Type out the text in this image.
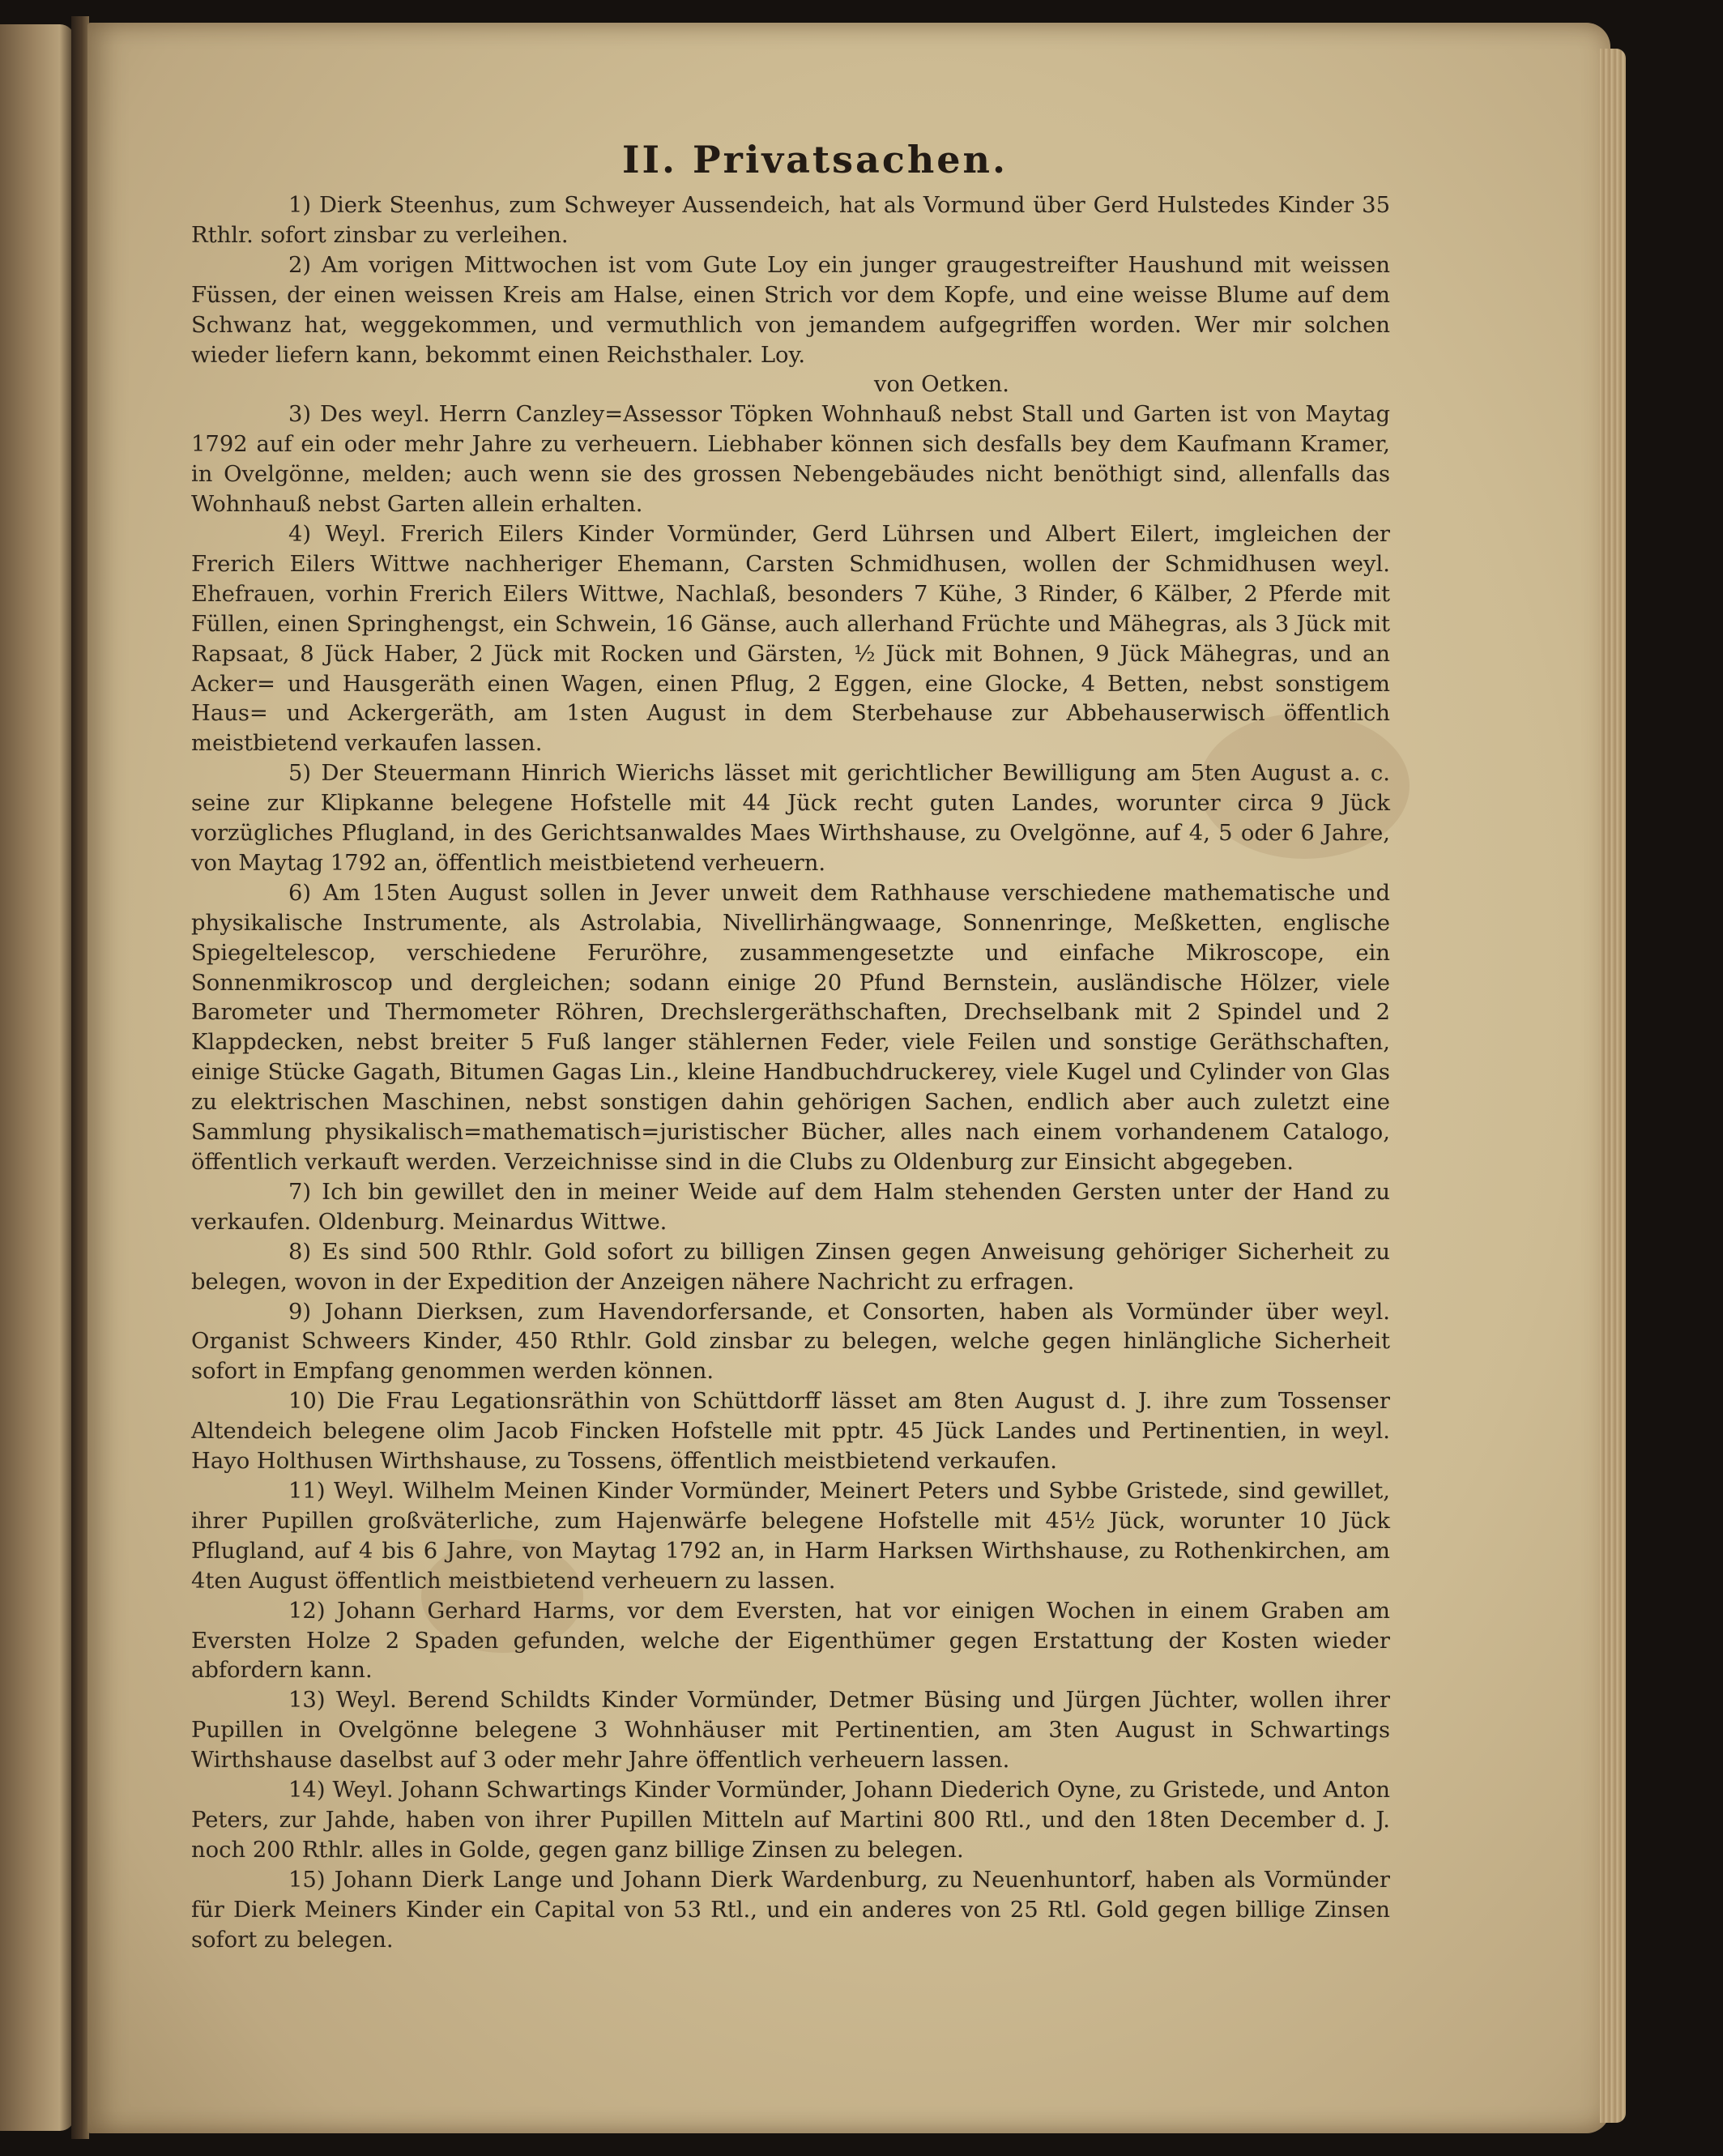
II. Privatsachen.
1) Dierk Steenhus, zum Schweyer Aussendeich, hat als Vormund über Gerd Hulstedes Kinder 35 Rthlr. sofort zinsbar zu verleihen.
2) Am vorigen Mittwochen ist vom Gute Loy ein junger graugestreifter Haushund mit weissen Füssen, der einen weissen Kreis am Halse, einen Strich vor dem Kopfe, und eine weisse Blume auf dem Schwanz hat, weggekommen, und vermuthlich von jemandem aufgegriffen worden. Wer mir solchen wieder liefern kann, bekommt einen Reichsthaler. Loy.
von Oetken.
3) Des weyl. Herrn Canzley=Assessor Töpken Wohnhauß nebst Stall und Garten ist von Maytag 1792 auf ein oder mehr Jahre zu verheuern. Liebhaber können sich desfalls bey dem Kaufmann Kramer, in Ovelgönne, melden; auch wenn sie des grossen Nebengebäudes nicht benöthigt sind, allenfalls das Wohnhauß nebst Garten allein erhalten.
4) Weyl. Frerich Eilers Kinder Vormünder, Gerd Lührsen und Albert Eilert, imgleichen der Frerich Eilers Wittwe nachheriger Ehemann, Carsten Schmidhusen, wollen der Schmidhusen weyl. Ehefrauen, vorhin Frerich Eilers Wittwe, Nachlaß, besonders 7 Kühe, 3 Rinder, 6 Kälber, 2 Pferde mit Füllen, einen Springhengst, ein Schwein, 16 Gänse, auch allerhand Früchte und Mähegras, als 3 Jück mit Rapsaat, 8 Jück Haber, 2 Jück mit Rocken und Gärsten, ½ Jück mit Bohnen, 9 Jück Mähegras, und an Acker= und Hausgeräth einen Wagen, einen Pflug, 2 Eggen, eine Glocke, 4 Betten, nebst sonstigem Haus= und Ackergeräth, am 1sten August in dem Sterbehause zur Abbehauserwisch öffentlich meistbietend verkaufen lassen.
5) Der Steuermann Hinrich Wierichs lässet mit gerichtlicher Bewilligung am 5ten August a. c. seine zur Klipkanne belegene Hofstelle mit 44 Jück recht guten Landes, worunter circa 9 Jück vorzügliches Pflugland, in des Gerichtsanwaldes Maes Wirthshause, zu Ovelgönne, auf 4, 5 oder 6 Jahre, von Maytag 1792 an, öffentlich meistbietend verheuern.
6) Am 15ten August sollen in Jever unweit dem Rathhause verschiedene mathematische und physikalische Instrumente, als Astrolabia, Nivellirhängwaage, Sonnenringe, Meßketten, englische Spiegeltelescop, verschiedene Feruröhre, zusammengesetzte und einfache Mikroscope, ein Sonnenmikroscop und dergleichen; sodann einige 20 Pfund Bernstein, ausländische Hölzer, viele Barometer und Thermometer Röhren, Drechslergeräthschaften, Drechselbank mit 2 Spindel und 2 Klappdecken, nebst breiter 5 Fuß langer stählernen Feder, viele Feilen und sonstige Geräthschaften, einige Stücke Gagath, Bitumen Gagas Lin., kleine Handbuchdruckerey, viele Kugel und Cylinder von Glas zu elektrischen Maschinen, nebst sonstigen dahin gehörigen Sachen, endlich aber auch zuletzt eine Sammlung physikalisch=mathematisch=juristischer Bücher, alles nach einem vorhandenem Catalogo, öffentlich verkauft werden. Verzeichnisse sind in die Clubs zu Oldenburg zur Einsicht abgegeben.
7) Ich bin gewillet den in meiner Weide auf dem Halm stehenden Gersten unter der Hand zu verkaufen. Oldenburg. Meinardus Wittwe.
8) Es sind 500 Rthlr. Gold sofort zu billigen Zinsen gegen Anweisung gehöriger Sicherheit zu belegen, wovon in der Expedition der Anzeigen nähere Nachricht zu erfragen.
9) Johann Dierksen, zum Havendorfersande, et Consorten, haben als Vormünder über weyl. Organist Schweers Kinder, 450 Rthlr. Gold zinsbar zu belegen, welche gegen hinlängliche Sicherheit sofort in Empfang genommen werden können.
10) Die Frau Legationsräthin von Schüttdorff lässet am 8ten August d. J. ihre zum Tossenser Altendeich belegene olim Jacob Fincken Hofstelle mit pptr. 45 Jück Landes und Pertinentien, in weyl. Hayo Holthusen Wirthshause, zu Tossens, öffentlich meistbietend verkaufen.
11) Weyl. Wilhelm Meinen Kinder Vormünder, Meinert Peters und Sybbe Gristede, sind gewillet, ihrer Pupillen großväterliche, zum Hajenwärfe belegene Hofstelle mit 45½ Jück, worunter 10 Jück Pflugland, auf 4 bis 6 Jahre, von Maytag 1792 an, in Harm Harksen Wirthshause, zu Rothenkirchen, am 4ten August öffentlich meistbietend verheuern zu lassen.
12) Johann Gerhard Harms, vor dem Eversten, hat vor einigen Wochen in einem Graben am Eversten Holze 2 Spaden gefunden, welche der Eigenthümer gegen Erstattung der Kosten wieder abfordern kann.
13) Weyl. Berend Schildts Kinder Vormünder, Detmer Büsing und Jürgen Jüchter, wollen ihrer Pupillen in Ovelgönne belegene 3 Wohnhäuser mit Pertinentien, am 3ten August in Schwartings Wirthshause daselbst auf 3 oder mehr Jahre öffentlich verheuern lassen.
14) Weyl. Johann Schwartings Kinder Vormünder, Johann Diederich Oyne, zu Gristede, und Anton Peters, zur Jahde, haben von ihrer Pupillen Mitteln auf Martini 800 Rtl., und den 18ten December d. J. noch 200 Rthlr. alles in Golde, gegen ganz billige Zinsen zu belegen.
15) Johann Dierk Lange und Johann Dierk Wardenburg, zu Neuenhuntorf, haben als Vormünder für Dierk Meiners Kinder ein Capital von 53 Rtl., und ein anderes von 25 Rtl. Gold gegen billige Zinsen sofort zu belegen.
